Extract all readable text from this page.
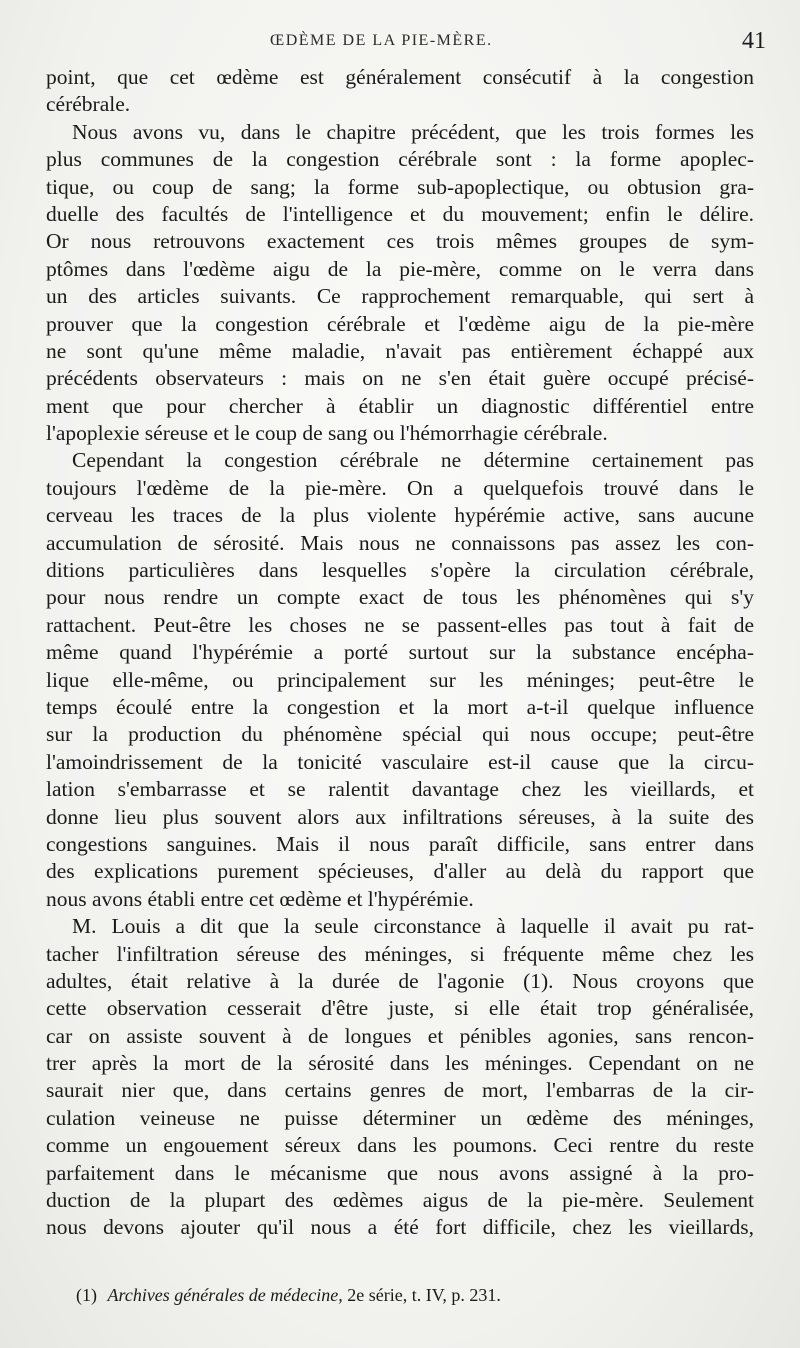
ŒDÈME DE LA PIE-MÈRE.	41
point, que cet œdème est généralement consécutif à la congestion
cérébrale.
Nous avons vu, dans le chapitre précédent, que les trois formes les
plus communes de la congestion cérébrale sont : la forme apoplec-
tique, ou coup de sang; la forme sub-apoplectique, ou obtusion gra-
duelle des facultés de l'intelligence et du mouvement; enfin le délire.
Or nous retrouvons exactement ces trois mêmes groupes de sym-
ptômes dans l'œdème aigu de la pie-mère, comme on le verra dans
un des articles suivants. Ce rapprochement remarquable, qui sert à
prouver que la congestion cérébrale et l'œdème aigu de la pie-mère
ne sont qu'une même maladie, n'avait pas entièrement échappé aux
précédents observateurs : mais on ne s'en était guère occupé précisé-
ment que pour chercher à établir un diagnostic différentiel entre
l'apoplexie séreuse et le coup de sang ou l'hémorrhagie cérébrale.
Cependant la congestion cérébrale ne détermine certainement pas
toujours l'œdème de la pie-mère. On a quelquefois trouvé dans le
cerveau les traces de la plus violente hypérémie active, sans aucune
accumulation de sérosité. Mais nous ne connaissons pas assez les con-
ditions particulières dans lesquelles s'opère la circulation cérébrale,
pour nous rendre un compte exact de tous les phénomènes qui s'y
rattachent. Peut-être les choses ne se passent-elles pas tout à fait de
même quand l'hypérémie a porté surtout sur la substance encépha-
lique elle-même, ou principalement sur les méninges; peut-être le
temps écoulé entre la congestion et la mort a-t-il quelque influence
sur la production du phénomène spécial qui nous occupe; peut-être
l'amoindrissement de la tonicité vasculaire est-il cause que la circu-
lation s'embarrasse et se ralentit davantage chez les vieillards, et
donne lieu plus souvent alors aux infiltrations séreuses, à la suite des
congestions sanguines. Mais il nous paraît difficile, sans entrer dans
des explications purement spécieuses, d'aller au delà du rapport que
nous avons établi entre cet œdème et l'hypérémie.
M. Louis a dit que la seule circonstance à laquelle il avait pu rat-
tacher l'infiltration séreuse des méninges, si fréquente même chez les
adultes, était relative à la durée de l'agonie (1). Nous croyons que
cette observation cesserait d'être juste, si elle était trop généralisée,
car on assiste souvent à de longues et pénibles agonies, sans rencon-
trer après la mort de la sérosité dans les méninges. Cependant on ne
saurait nier que, dans certains genres de mort, l'embarras de la cir-
culation veineuse ne puisse déterminer un œdème des méninges,
comme un engouement séreux dans les poumons. Ceci rentre du reste
parfaitement dans le mécanisme que nous avons assigné à la pro-
duction de la plupart des œdèmes aigus de la pie-mère. Seulement
nous devons ajouter qu'il nous a été fort difficile, chez les vieillards,
(1) Archives générales de médecine, 2e série, t. IV, p. 231.
